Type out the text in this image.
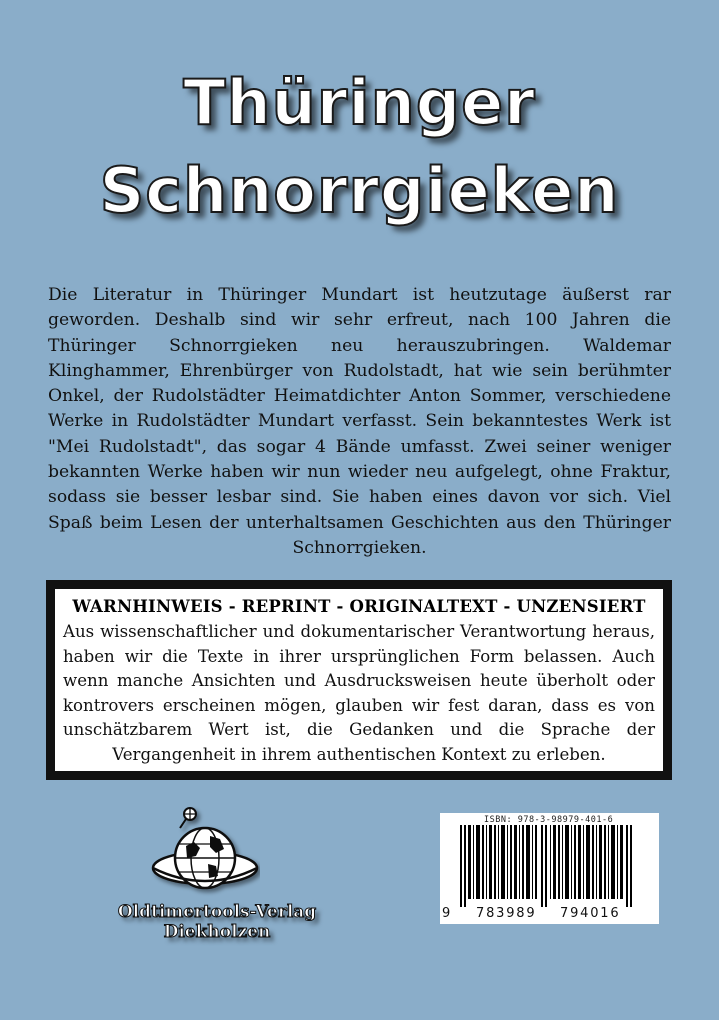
Thüringer
Schnorrgieken

Die Literatur in Thüringer Mundart ist heutzutage äußerst rar geworden. Deshalb sind wir sehr erfreut, nach 100 Jahren die Thüringer Schnorrgieken neu herauszubringen. Waldemar Klinghammer, Ehrenbürger von Rudolstadt, hat wie sein berühmter Onkel, der Rudolstädter Heimatdichter Anton Sommer, verschiedene Werke in Rudolstädter Mundart verfasst. Sein bekanntestes Werk ist "Mei Rudolstadt", das sogar 4 Bände umfasst. Zwei seiner weniger bekannten Werke haben wir nun wieder neu aufgelegt, ohne Fraktur, sodass sie besser lesbar sind. Sie haben eines davon vor sich. Viel Spaß beim Lesen der unterhaltsamen Geschichten aus den Thüringer Schnorrgieken.

WARNHINWEIS - REPRINT - ORIGINALTEXT - UNZENSIERT

Aus wissenschaftlicher und dokumentarischer Verantwortung heraus, haben wir die Texte in ihrer ursprünglichen Form belassen. Auch wenn manche Ansichten und Ausdrucksweisen heute überholt oder kontrovers erscheinen mögen, glauben wir fest daran, dass es von unschätzbarem Wert ist, die Gedanken und die Sprache der Vergangenheit in ihrem authentischen Kontext zu erleben.

Oldtimertools-Verlag Diekholzen
ISBN: 978-3-98979-401-6
9 783989 794016
